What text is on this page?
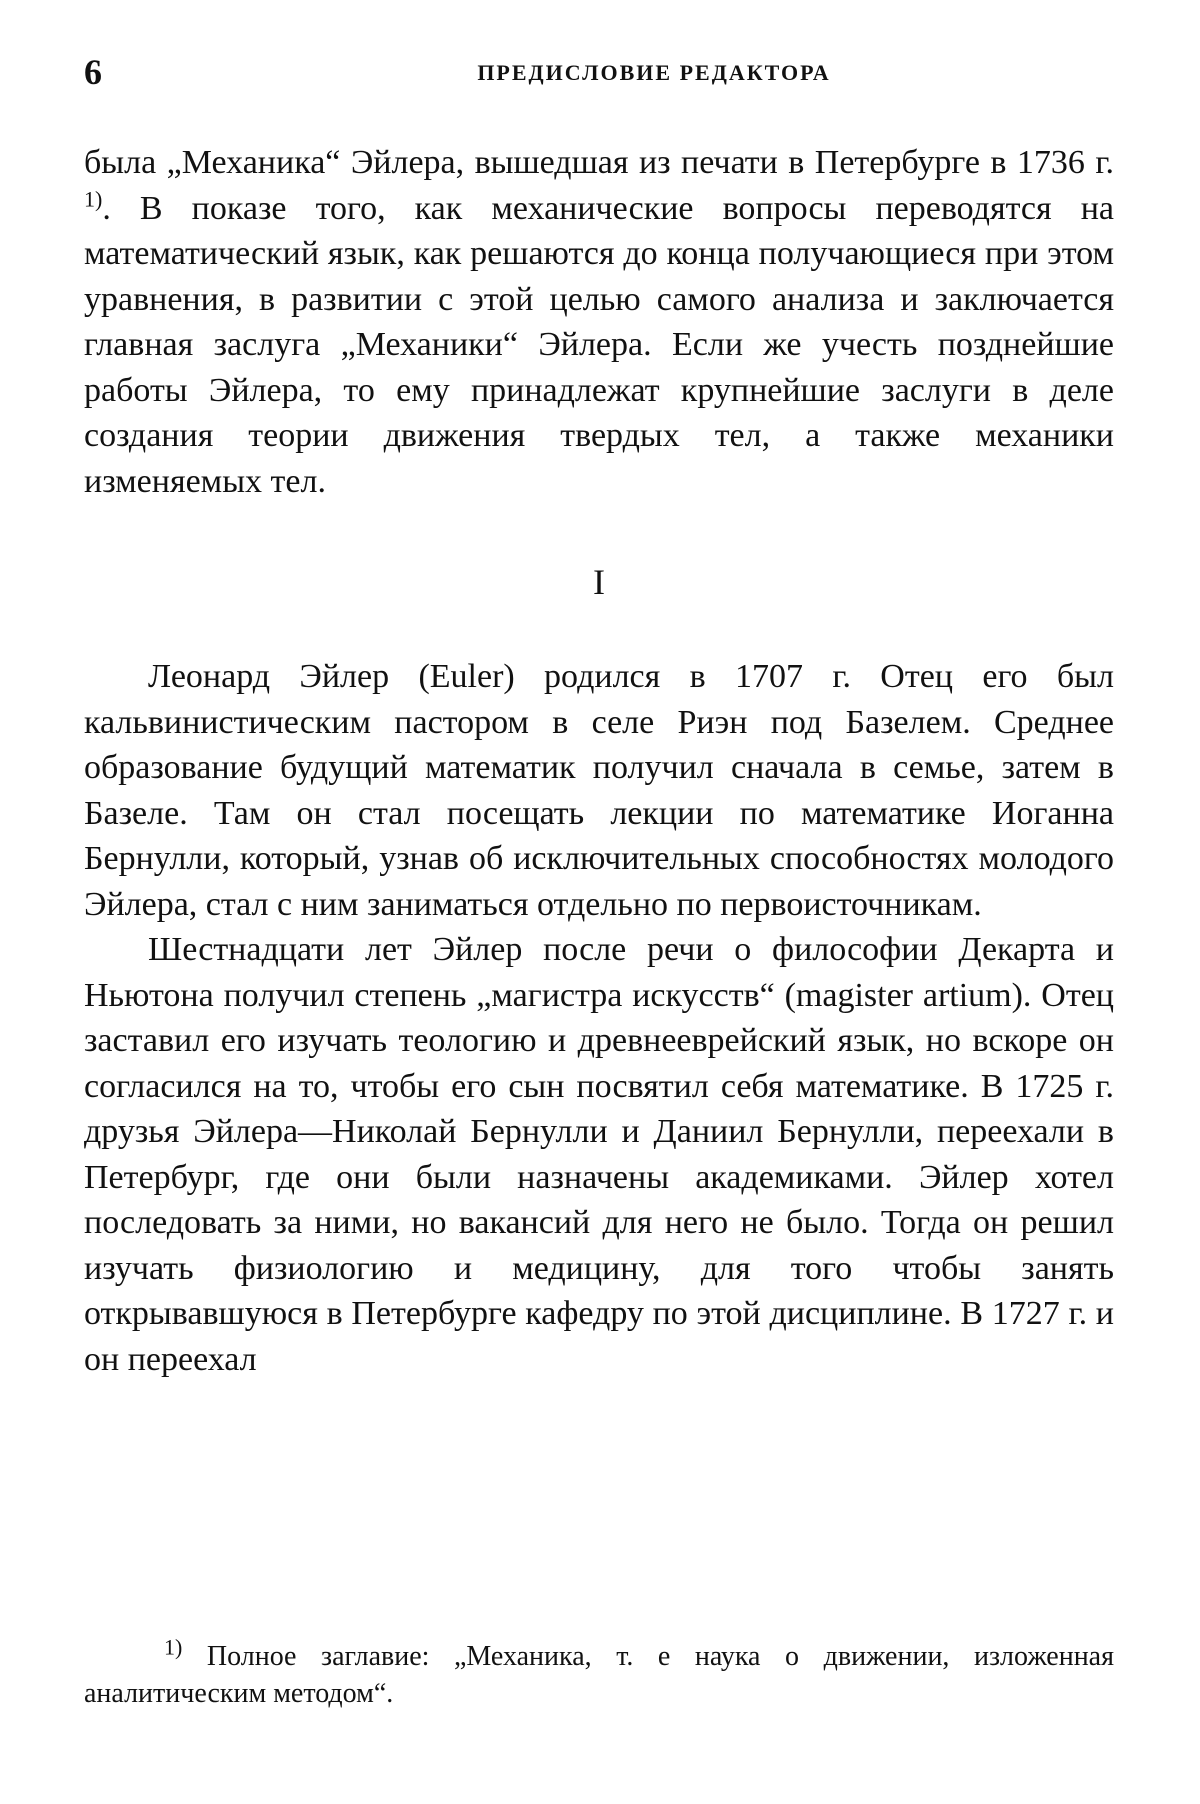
6	ПРЕДИСЛОВИЕ РЕДАКТОРА

была „Механика“ Эйлера, вышедшая из печати в Петербурге в 1736 г. $^{1)}$. В показе того, как механические вопросы переводятся на математический язык, как решаются до конца получающиеся при этом уравнения, в развитии с этой целью самого анализа и заключается главная заслуга „Механики“ Эйлера. Если же учесть позднейшие работы Эйлера, то ему принадлежат крупнейшие заслуги в деле создания теории движения твердых тел, а также механики изменяемых тел.

I

Леонард Эйлер (Euler) родился в 1707 г. Отец его был кальвинистическим пастором в селе Риэн под Базелем. Среднее образование будущий математик получил сначала в семье, затем в Базеле. Там он стал посещать лекции по математике Иоганна Бернулли, который, узнав об исключительных способностях молодого Эйлера, стал с ним заниматься отдельно по первоисточникам.

Шестнадцати лет Эйлер после речи о философии Декарта и Ньютона получил степень „магистра искусств“ (magister artium). Отец заставил его изучать теологию и древнееврейский язык, но вскоре он согласился на то, чтобы его сын посвятил себя математике. В 1725 г. друзья Эйлера—Николай Бернулли и Даниил Бернулли, переехали в Петербург, где они были назначены академиками. Эйлер хотел последовать за ними, но вакансий для него не было. Тогда он решил изучать физиологию и медицину, для того чтобы занять открывавшуюся в Петербурге кафедру по этой дисциплине. В 1727 г. и он переехал

$^{1)}$ Полное заглавие: „Механика, т. е наука о движении, изложенная аналитическим методом“.
